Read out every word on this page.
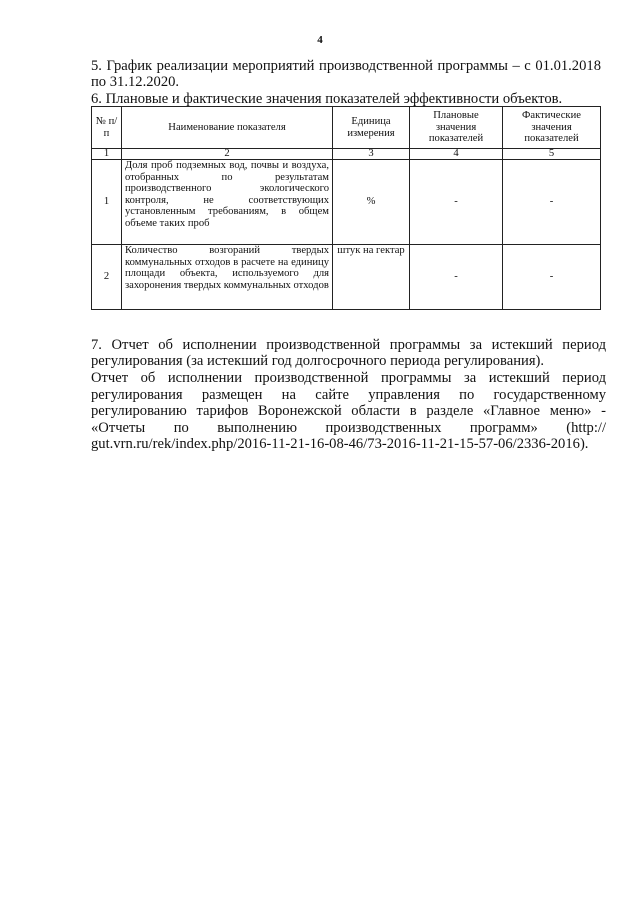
4
5. График реализации мероприятий производственной программы – с 01.01.2018 по 31.12.2020.
6. Плановые и фактические значения показателей эффективности объектов.
№ п/п	Наименование показателя	Единица измерения	Плановые значения показателей	Фактические значения показателей
1	2	3	4	5
1	Доля проб подземных вод, почвы и воздуха, отобранных по результатам производственного экологического контроля, не соответствующих установленным требованиям, в общем объеме таких проб	%	-	-
2	Количество возгораний твердых коммунальных отходов в расчете на единицу площади объекта, используемого для захоронения твердых коммунальных отходов	штук на гектар	-	-
7. Отчет об исполнении производственной программы за истекший период регулирования (за истекший год долгосрочного периода регулирования).
Отчет об исполнении производственной программы за истекший период регулирования размещен на сайте управления по государственному регулированию тарифов Воронежской области в разделе «Главное меню» - «Отчеты по выполнению производственных программ» (http:// gut.vrn.ru/rek/index.php/2016-11-21-16-08-46/73-2016-11-21-15-57-06/2336-2016).
